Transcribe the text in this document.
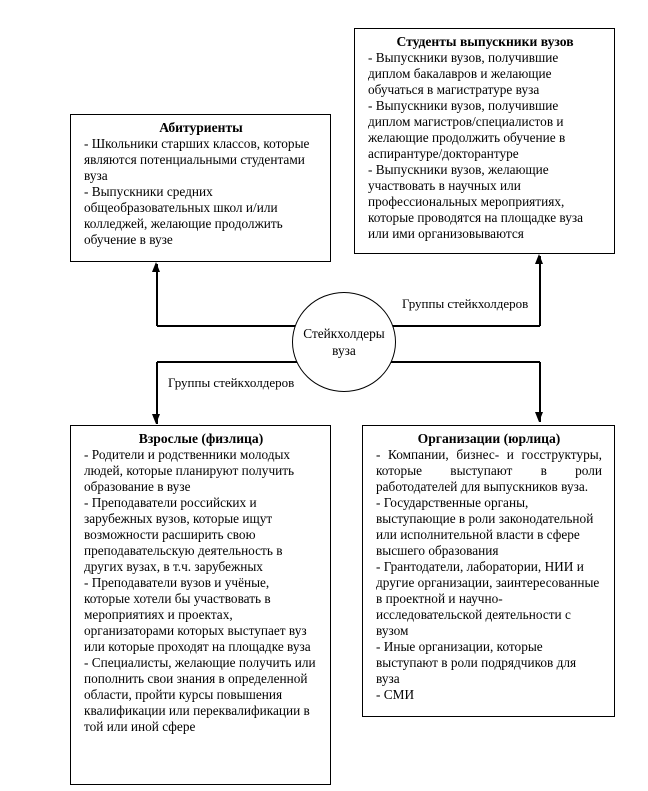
Группы стейкхолдеров
Группы стейкхолдеров
Стейкхолдеры вуза
Студенты выпускники вузов

- Выпускники вузов, получившие диплом бакалавров и желающие обучаться в магистратуре вуза

- Выпускники вузов, получившие диплом магистров/специалистов и желающие продолжить обучение в аспирантуре/докторантуре

- Выпускники вузов, желающие участвовать в научных или профессиональных мероприятиях, которые проводятся на площадке вуза или ими организовываются

Абитуриенты

- Школьники старших классов, которые являются потенциальными студентами вуза

- Выпускники средних общеобразовательных школ и/или колледжей, желающие продолжить обучение в вузе

Взрослые (физлица)

- Родители и родственники молодых людей, которые планируют получить образование в вузе

- Преподаватели российских и зарубежных вузов, которые ищут возможности расширить свою преподавательскую деятельность в других вузах, в т.ч. зарубежных

- Преподаватели вузов и учёные, которые хотели бы участвовать в мероприятиях и проектах, организаторами которых выступает вуз или которые проходят на площадке вуза

- Специалисты, желающие получить или пополнить свои знания в определенной области, пройти курсы повышения квалификации или переквалификации в той или иной сфере

Организации (юрлица)

- Компании, бизнес- и госструктуры, которые выступают в роли работодателей для выпускников вуза.

- Государственные органы, выступающие в роли законодательной или исполнительной власти в сфере высшего образования

- Грантодатели, лаборатории, НИИ и другие организации, заинтересованные в проектной и научно-исследовательской деятельности с вузом

- Иные организации, которые выступают в роли подрядчиков для вуза

- СМИ
